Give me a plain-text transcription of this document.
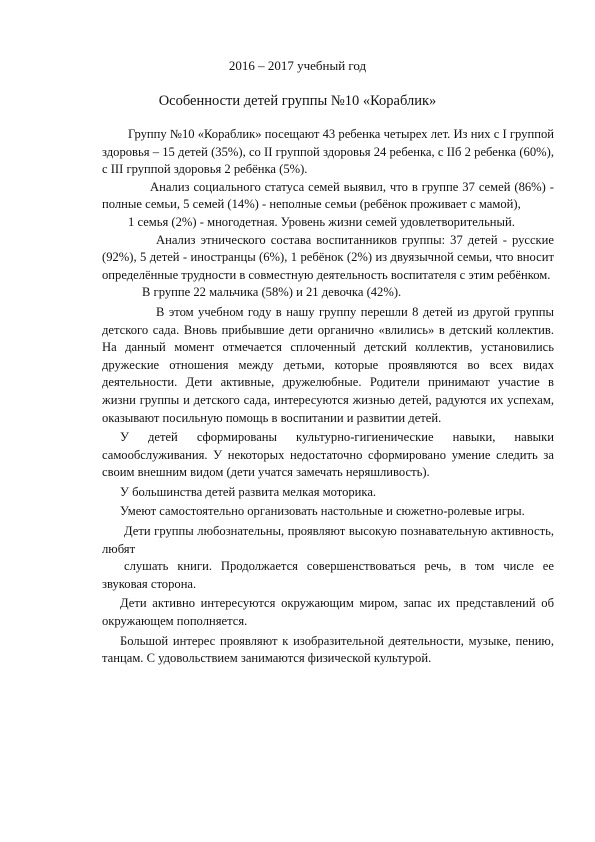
2016 – 2017 учебный год
Особенности детей группы №10 «Кораблик»

Группу №10 «Кораблик» посещают 43 ребенка четырех лет. Из них с I группой здоровья – 15 детей (35%), со II группой здоровья 24 ребенка, с IIб 2 ребенка (60%), с III группой здоровья 2 ребёнка (5%).

Анализ социального статуса семей выявил, что в группе 37 семей (86%) - полные семьи, 5 семей (14%) - неполные семьи (ребёнок проживает с мамой),

1 семья (2%) - многодетная. Уровень жизни семей удовлетворительный.

Анализ этнического состава воспитанников группы: 37 детей - русские (92%), 5 детей - иностранцы (6%), 1 ребёнок (2%) из двуязычной семьи, что вносит определённые трудности в совместную деятельность воспитателя с этим ребёнком.

В группе 22 мальчика (58%) и 21 девочка (42%).

В этом учебном году в нашу группу перешли 8 детей из другой группы детского сада. Вновь прибывшие дети органично «влились» в детский коллектив. На данный момент отмечается сплоченный детский коллектив, установились дружеские отношения между детьми, которые проявляются во всех видах деятельности. Дети активные, дружелюбные. Родители принимают участие в жизни группы и детского сада, интересуются жизнью детей, радуются их успехам, оказывают посильную помощь в воспитании и развитии детей.

У детей сформированы культурно-гигиенические навыки, навыки самообслуживания. У некоторых недостаточно сформировано умение следить за своим внешним видом (дети учатся замечать неряшливость).

У большинства детей развита мелкая моторика.

Умеют самостоятельно организовать настольные и сюжетно-ролевые игры.

Дети группы любознательны, проявляют высокую познавательную активность, любят

слушать книги. Продолжается совершенствоваться речь, в том числе ее звуковая сторона.

Дети активно интересуются окружающим миром, запас их представлений об окружающем пополняется.

Большой интерес проявляют к изобразительной деятельности, музыке, пению, танцам. С удовольствием занимаются физической культурой.
